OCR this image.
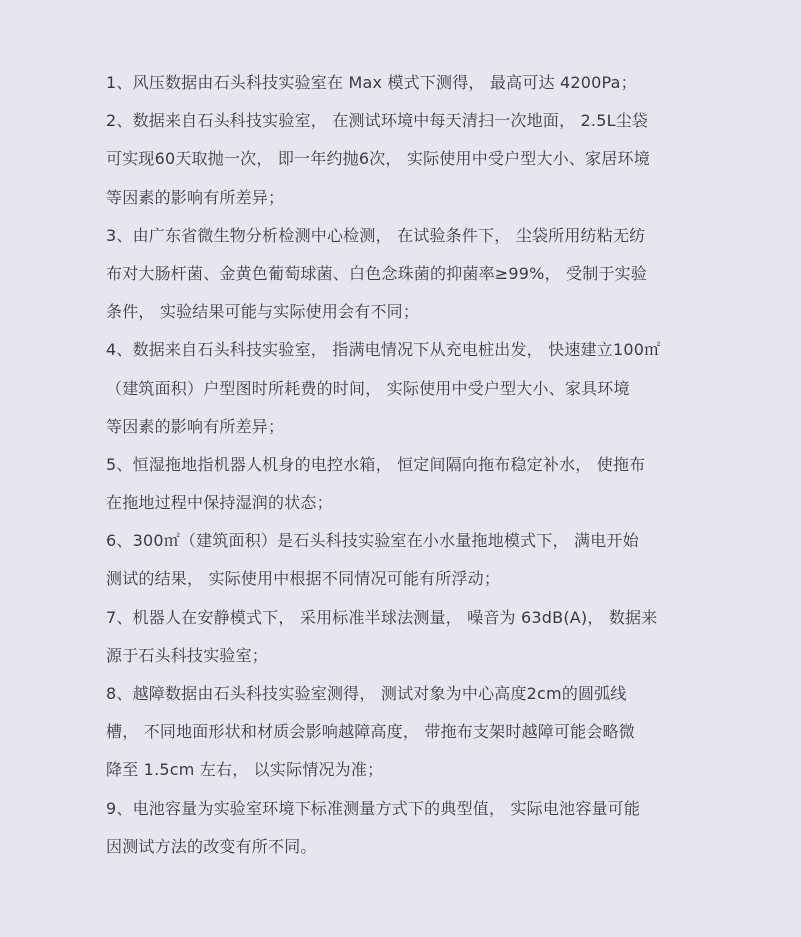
1、风压数据由石头科技实验室在 Max 模式下测得， 最高可达 4200Pa；
2、数据来自石头科技实验室， 在测试环境中每天清扫一次地面， 2.5L尘袋
可实现60天取抛一次， 即一年约抛6次， 实际使用中受户型大小、家居环境
等因素的影响有所差异；
3、由广东省微生物分析检测中心检测， 在试验条件下， 尘袋所用纺粘无纺
布对大肠杆菌、金黄色葡萄球菌、白色念珠菌的抑菌率≥99%， 受制于实验
条件， 实验结果可能与实际使用会有不同；
4、数据来自石头科技实验室， 指满电情况下从充电桩出发， 快速建立100㎡
（建筑面积）户型图时所耗费的时间， 实际使用中受户型大小、家具环境
等因素的影响有所差异；
5、恒湿拖地指机器人机身的电控水箱， 恒定间隔向拖布稳定补水， 使拖布
在拖地过程中保持湿润的状态；
6、300㎡（建筑面积）是石头科技实验室在小水量拖地模式下， 满电开始
测试的结果， 实际使用中根据不同情况可能有所浮动；
7、机器人在安静模式下， 采用标准半球法测量， 噪音为 63dB(A)， 数据来
源于石头科技实验室；
8、越障数据由石头科技实验室测得， 测试对象为中心高度2cm的圆弧线
槽， 不同地面形状和材质会影响越障高度， 带拖布支架时越障可能会略微
降至 1.5cm 左右， 以实际情况为准；
9、电池容量为实验室环境下标准测量方式下的典型值， 实际电池容量可能
因测试方法的改变有所不同。
